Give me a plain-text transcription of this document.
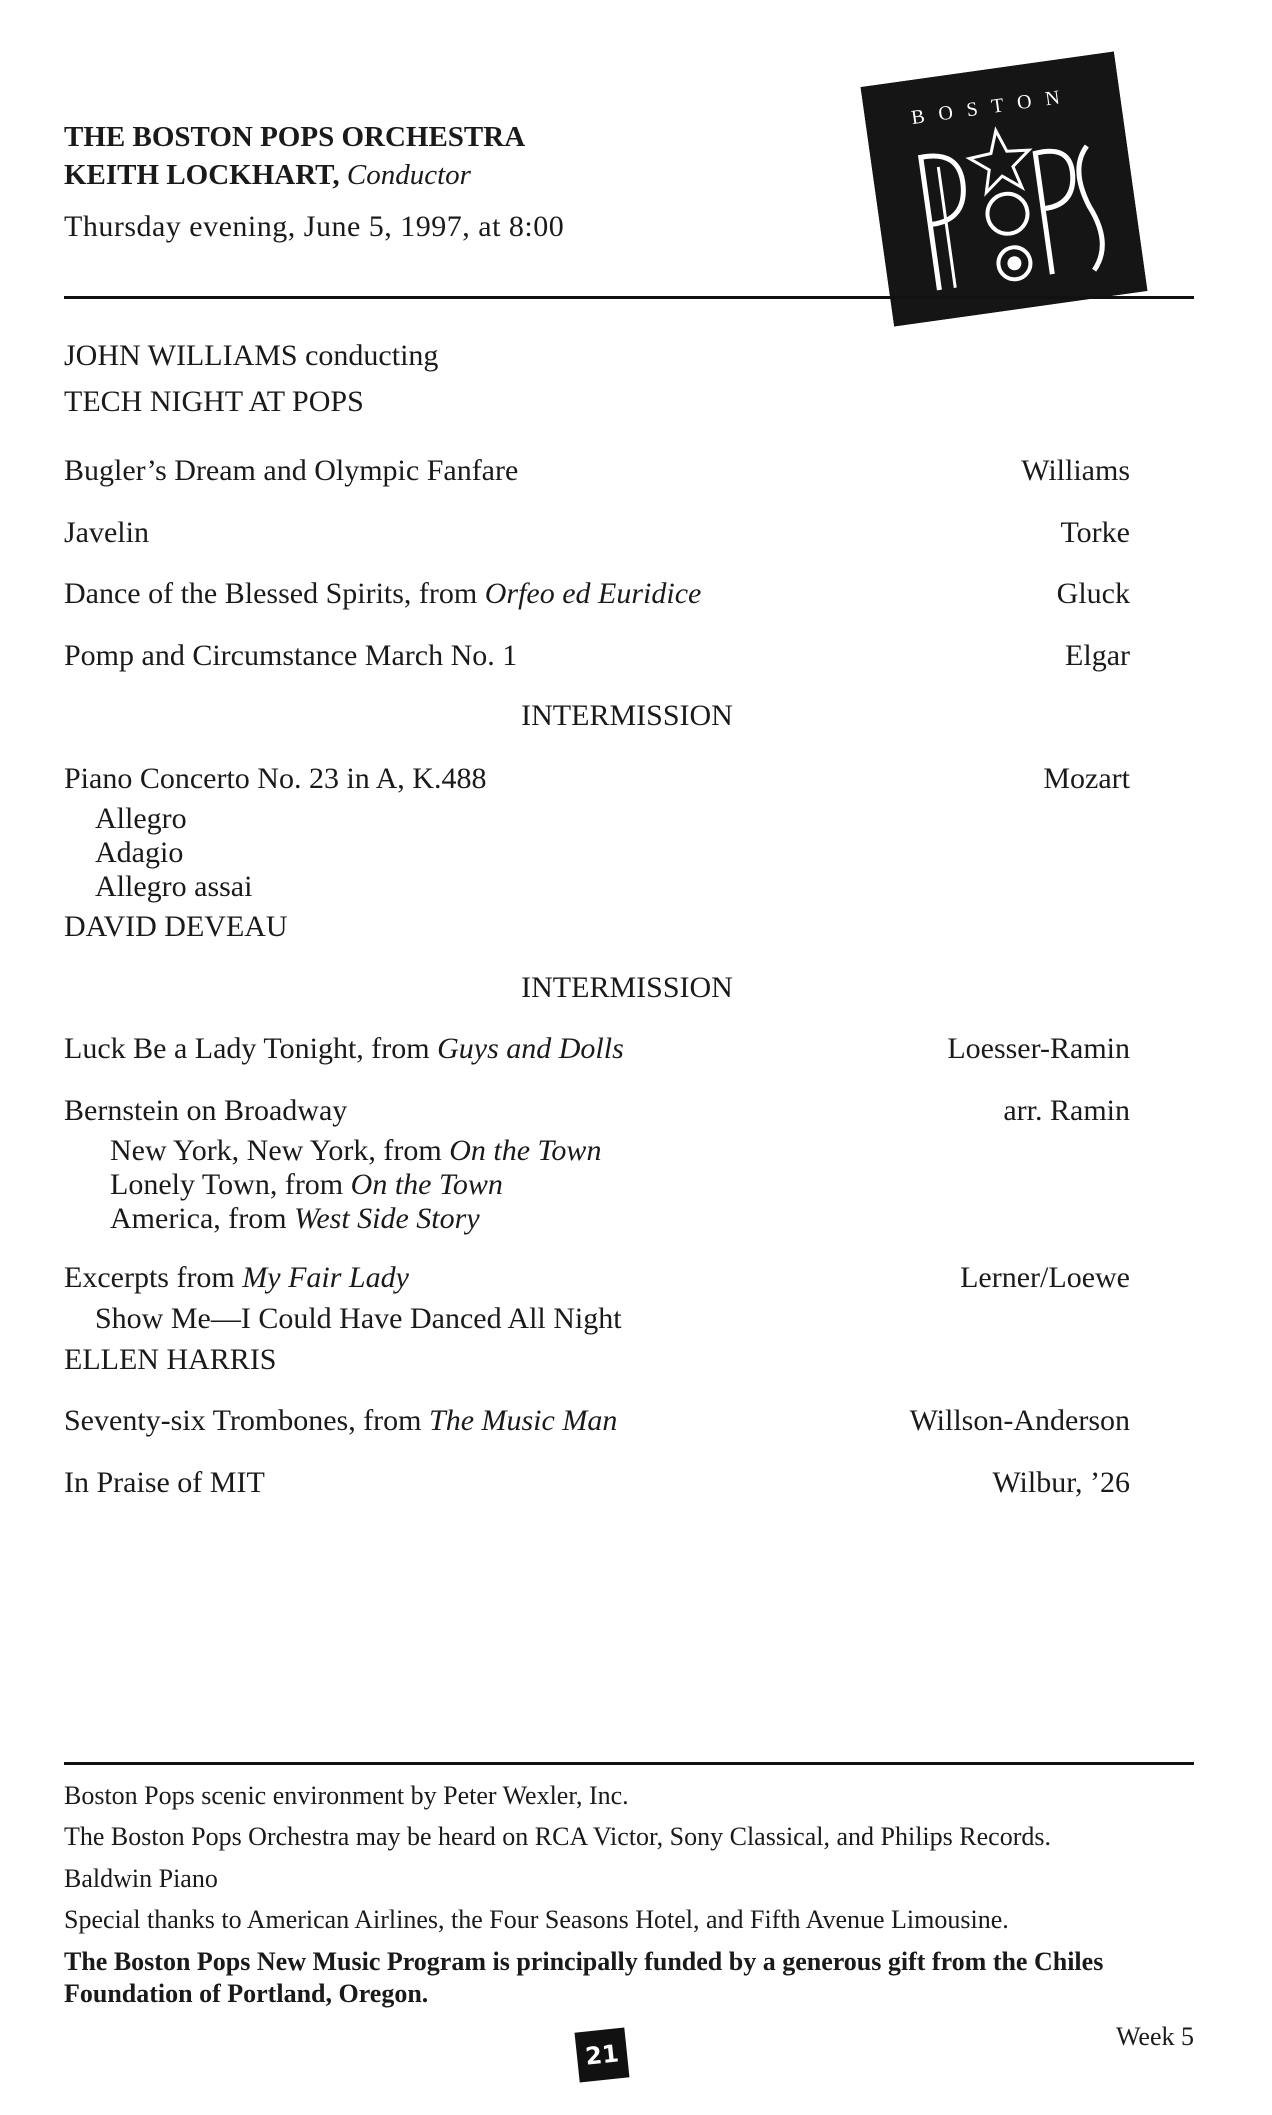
THE BOSTON POPS ORCHESTRA
KEITH LOCKHART, Conductor
Thursday evening, June 5, 1997, at 8:00
BOSTON
JOHN WILLIAMS conducting
TECH NIGHT AT POPS
Bugler’s Dream and Olympic Fanfare	Williams
Javelin	Torke
Dance of the Blessed Spirits, from Orfeo ed Euridice	Gluck
Pomp and Circumstance March No. 1	Elgar
INTERMISSION
Piano Concerto No. 23 in A, K.488	Mozart
Allegro
Adagio
Allegro assai
DAVID DEVEAU
INTERMISSION
Luck Be a Lady Tonight, from Guys and Dolls	Loesser-Ramin
Bernstein on Broadway	arr. Ramin
New York, New York, from On the Town
Lonely Town, from On the Town
America, from West Side Story
Excerpts from My Fair Lady	Lerner/Loewe
Show Me—I Could Have Danced All Night
ELLEN HARRIS
Seventy-six Trombones, from The Music Man	Willson-Anderson
In Praise of MIT	Wilbur, ’26
Boston Pops scenic environment by Peter Wexler, Inc.
The Boston Pops Orchestra may be heard on RCA Victor, Sony Classical, and Philips Records.
Baldwin Piano
Special thanks to American Airlines, the Four Seasons Hotel, and Fifth Avenue Limousine.
The Boston Pops New Music Program is principally funded by a generous gift from the Chiles Foundation of Portland, Oregon.
Week 5
21
